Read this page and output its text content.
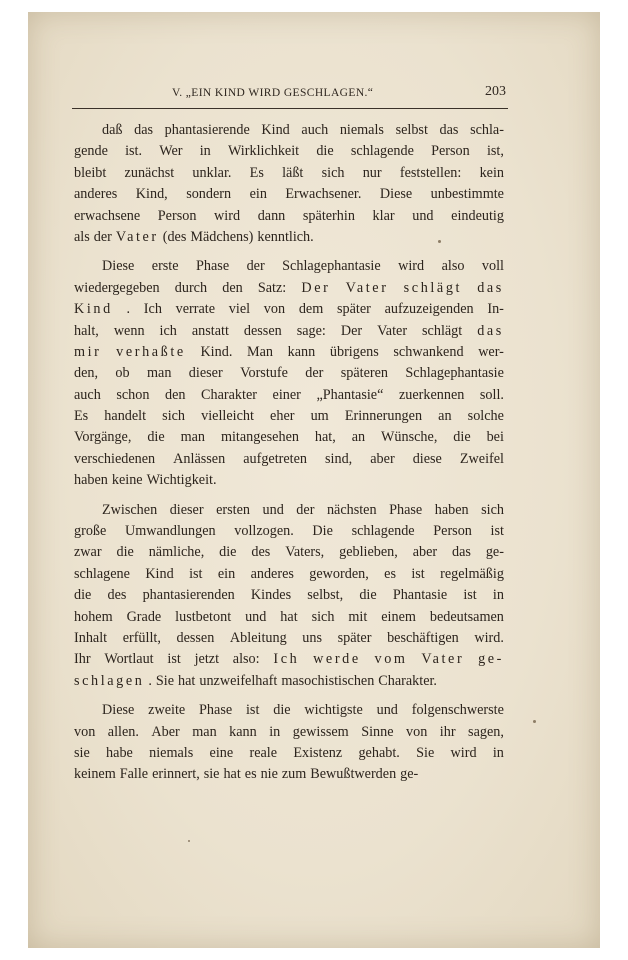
V. „EIN KIND WIRD GESCHLAGEN.“	203
daß das phantasierende Kind auch niemals selbst das schla-
gende ist. Wer in Wirklichkeit die schlagende Person ist,
bleibt zunächst unklar. Es läßt sich nur feststellen: kein
anderes Kind, sondern ein Erwachsener. Diese unbestimmte
erwachsene Person wird dann späterhin klar und eindeutig
als der Vater (des Mädchens) kenntlich.
Diese erste Phase der Schlagephantasie wird also voll
wiedergegeben durch den Satz: Der Vater schlägt das
Kind . Ich verrate viel von dem später aufzuzeigenden In-
halt, wenn ich anstatt dessen sage: Der Vater schlägt das
mir verhaßte Kind. Man kann übrigens schwankend wer-
den, ob man dieser Vorstufe der späteren Schlagephantasie
auch schon den Charakter einer „Phantasie“ zuerkennen soll.
Es handelt sich vielleicht eher um Erinnerungen an solche
Vorgänge, die man mitangesehen hat, an Wünsche, die bei
verschiedenen Anlässen aufgetreten sind, aber diese Zweifel
haben keine Wichtigkeit.
Zwischen dieser ersten und der nächsten Phase haben sich
große Umwandlungen vollzogen. Die schlagende Person ist
zwar die nämliche, die des Vaters, geblieben, aber das ge-
schlagene Kind ist ein anderes geworden, es ist regelmäßig
die des phantasierenden Kindes selbst, die Phantasie ist in
hohem Grade lustbetont und hat sich mit einem bedeutsamen
Inhalt erfüllt, dessen Ableitung uns später beschäftigen wird.
Ihr Wortlaut ist jetzt also: Ich werde vom Vater ge-
schlagen . Sie hat unzweifelhaft masochistischen Charakter.
Diese zweite Phase ist die wichtigste und folgenschwerste
von allen. Aber man kann in gewissem Sinne von ihr sagen,
sie habe niemals eine reale Existenz gehabt. Sie wird in
keinem Falle erinnert, sie hat es nie zum Bewußtwerden ge-
